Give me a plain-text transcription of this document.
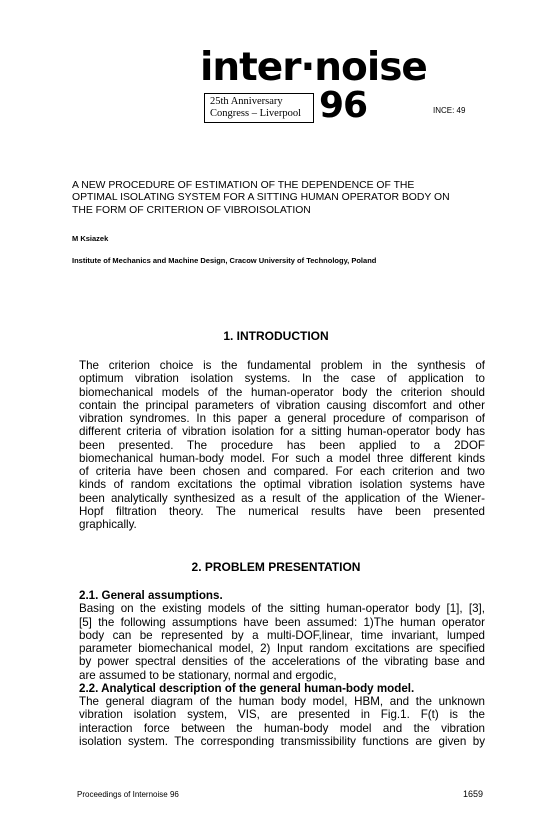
inter·noise
25th Anniversary
Congress – Liverpool 96	INCE: 49
A NEW PROCEDURE OF ESTIMATION OF THE DEPENDENCE OF THE
OPTIMAL ISOLATING SYSTEM FOR A SITTING HUMAN OPERATOR BODY ON
THE FORM OF CRITERION OF VIBROISOLATION
M Ksiazek
Institute of Mechanics and Machine Design, Cracow University of Technology, Poland
1. INTRODUCTION
The criterion choice is the fundamental problem in the synthesis of
optimum vibration isolation systems. In the case of application to
biomechanical models of the human-operator body the criterion should
contain the principal parameters of vibration causing discomfort and other
vibration syndromes. In this paper a general procedure of comparison of
different criteria of vibration isolation for a sitting human-operator body has
been presented. The procedure has been applied to a 2DOF
biomechanical human-body model. For such a model three different kinds
of criteria have been chosen and compared. For each criterion and two
kinds of random excitations the optimal vibration isolation systems have
been analytically synthesized as a result of the application of the Wiener-
Hopf filtration theory. The numerical results have been presented
graphically.
2. PROBLEM PRESENTATION
2.1. General assumptions.
Basing on the existing models of the sitting human-operator body [1], [3],
[5] the following assumptions have been assumed: 1)The human operator
body can be represented by a multi-DOF,linear, time invariant, lumped
parameter biomechanical model, 2) Input random excitations are specified
by power spectral densities of the accelerations of the vibrating base and
are assumed to be stationary, normal and ergodic,
2.2. Analytical description of the general human-body model.
The general diagram of the human body model, HBM, and the unknown
vibration isolation system, VIS, are presented in Fig.1. F(t) is the
interaction force between the human-body model and the vibration
isolation system. The corresponding transmissibility functions are given by
Proceedings of Internoise 96	1659
